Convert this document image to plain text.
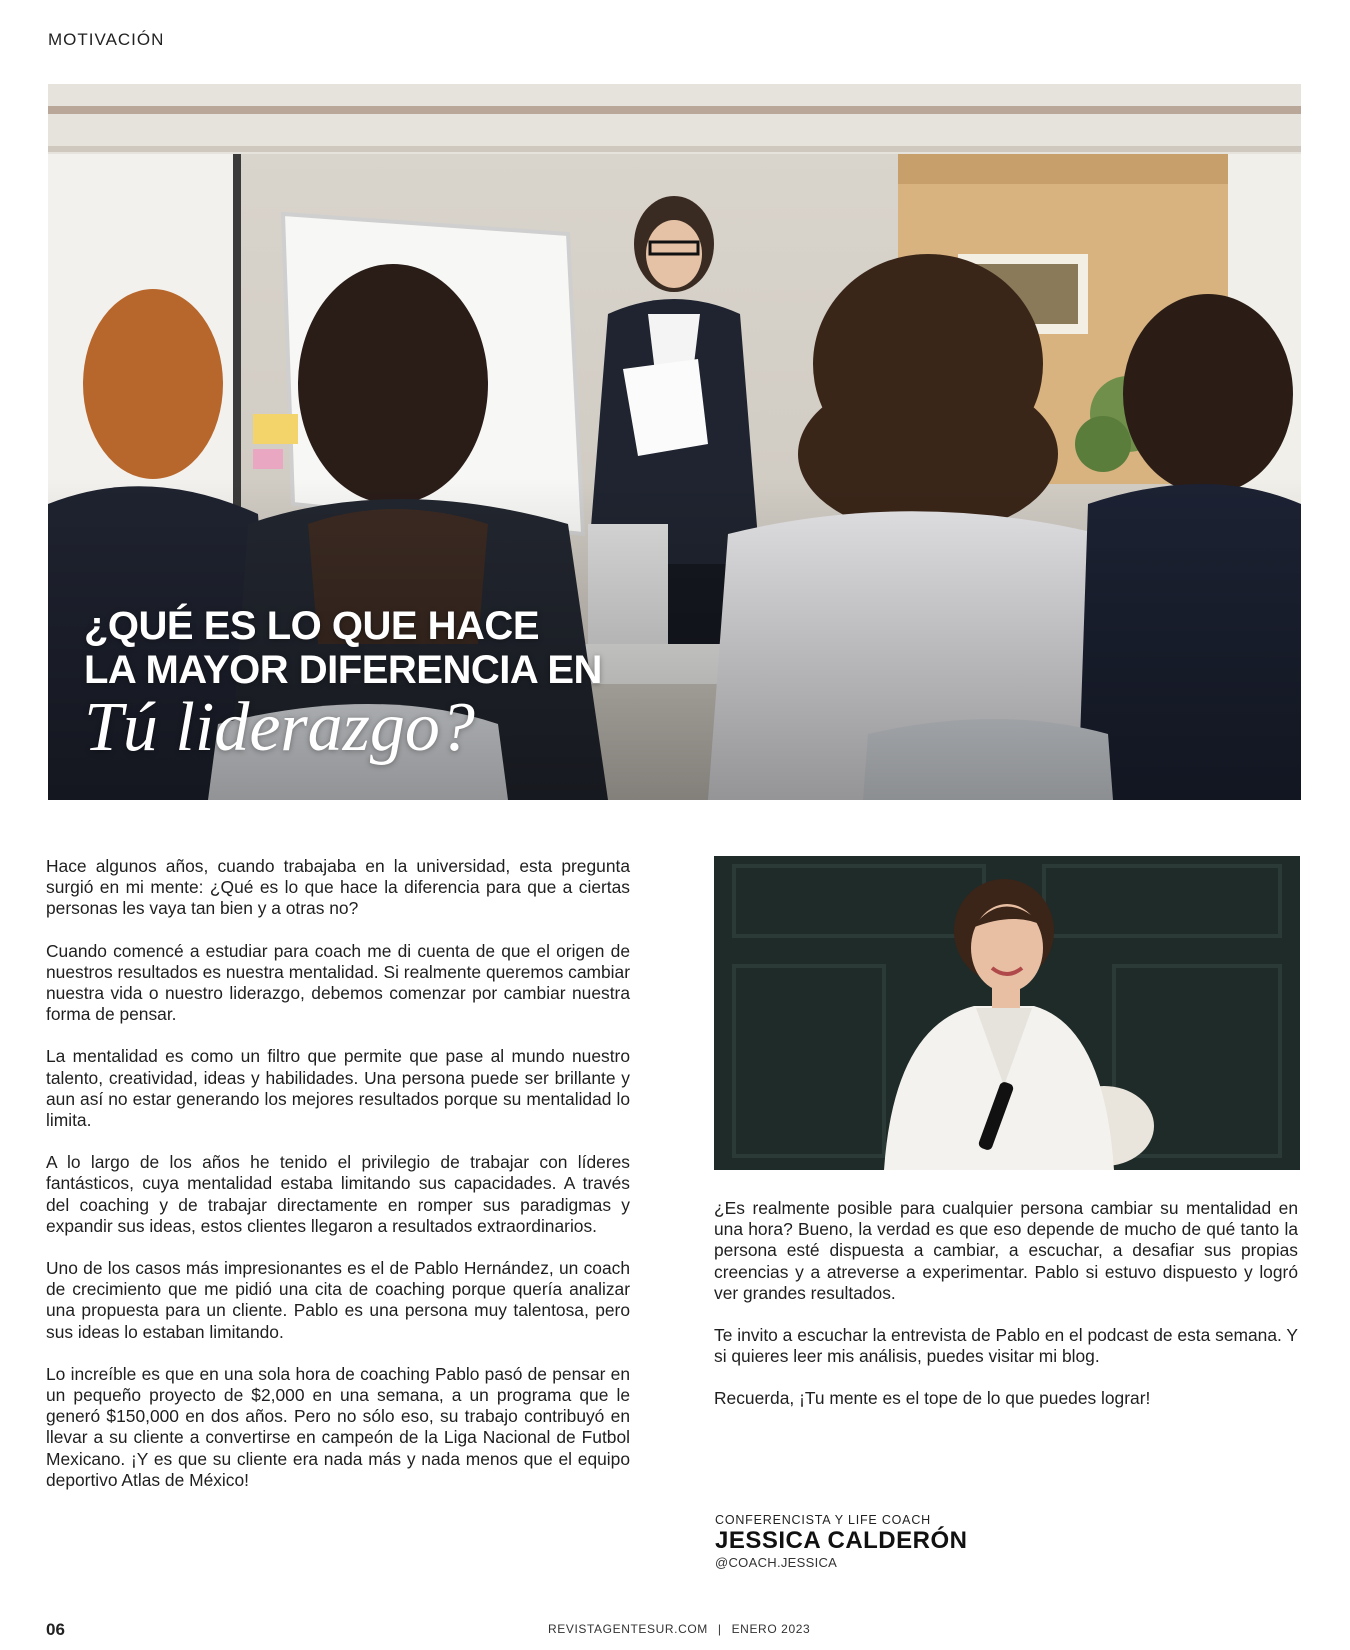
MOTIVACIÓN
¿QUÉ ES LO QUE HACE
LA MAYOR DIFERENCIA EN
Tú liderazgo?

Hace algunos años, cuando trabajaba en la universidad, esta pregunta surgió en mi mente: ¿Qué es lo que hace la diferencia para que a ciertas personas les vaya tan bien y a otras no?

Cuando comencé a estudiar para coach me di cuenta de que el origen de nuestros resultados es nuestra mentalidad. Si realmente queremos cambiar nuestra vida o nuestro liderazgo, debemos comenzar por cambiar nuestra forma de pensar.

La mentalidad es como un filtro que permite que pase al mundo nuestro talento, creatividad, ideas y habilidades. Una persona puede ser brillante y aun así no estar generando los mejores resultados porque su mentalidad lo limita.

A lo largo de los años he tenido el privilegio de trabajar con líderes fantásticos, cuya mentalidad estaba limitando sus capacidades. A través del coaching y de trabajar directamente en romper sus paradigmas y expandir sus ideas, estos clientes llegaron a resultados extraordinarios.

Uno de los casos más impresionantes es el de Pablo Hernández, un coach de crecimiento que me pidió una cita de coaching porque quería analizar una propuesta para un cliente. Pablo es una persona muy talentosa, pero sus ideas lo estaban limitando.

Lo increíble es que en una sola hora de coaching Pablo pasó de pensar en un pequeño proyecto de $2,000 en una semana, a un programa que le generó $150,000 en dos años. Pero no sólo eso, su trabajo contribuyó en llevar a su cliente a convertirse en campeón de la Liga Nacional de Futbol Mexicano. ¡Y es que su cliente era nada más y nada menos que el equipo deportivo Atlas de México!

¿Es realmente posible para cualquier persona cambiar su mentalidad en una hora? Bueno, la verdad es que eso depende de mucho de qué tanto la persona esté dispuesta a cambiar, a escuchar, a desafiar sus propias creencias y a atreverse a experimentar. Pablo si estuvo dispuesto y logró ver grandes resultados.

Te invito a escuchar la entrevista de Pablo en el podcast de esta semana. Y si quieres leer mis análisis, puedes visitar mi blog.

Recuerda, ¡Tu mente es el tope de lo que puedes lograr!

CONFERENCISTA Y LIFE COACH
JESSICA CALDERÓN
@COACH.JESSICA
06	REVISTAGENTESUR.COM | ENERO 2023
